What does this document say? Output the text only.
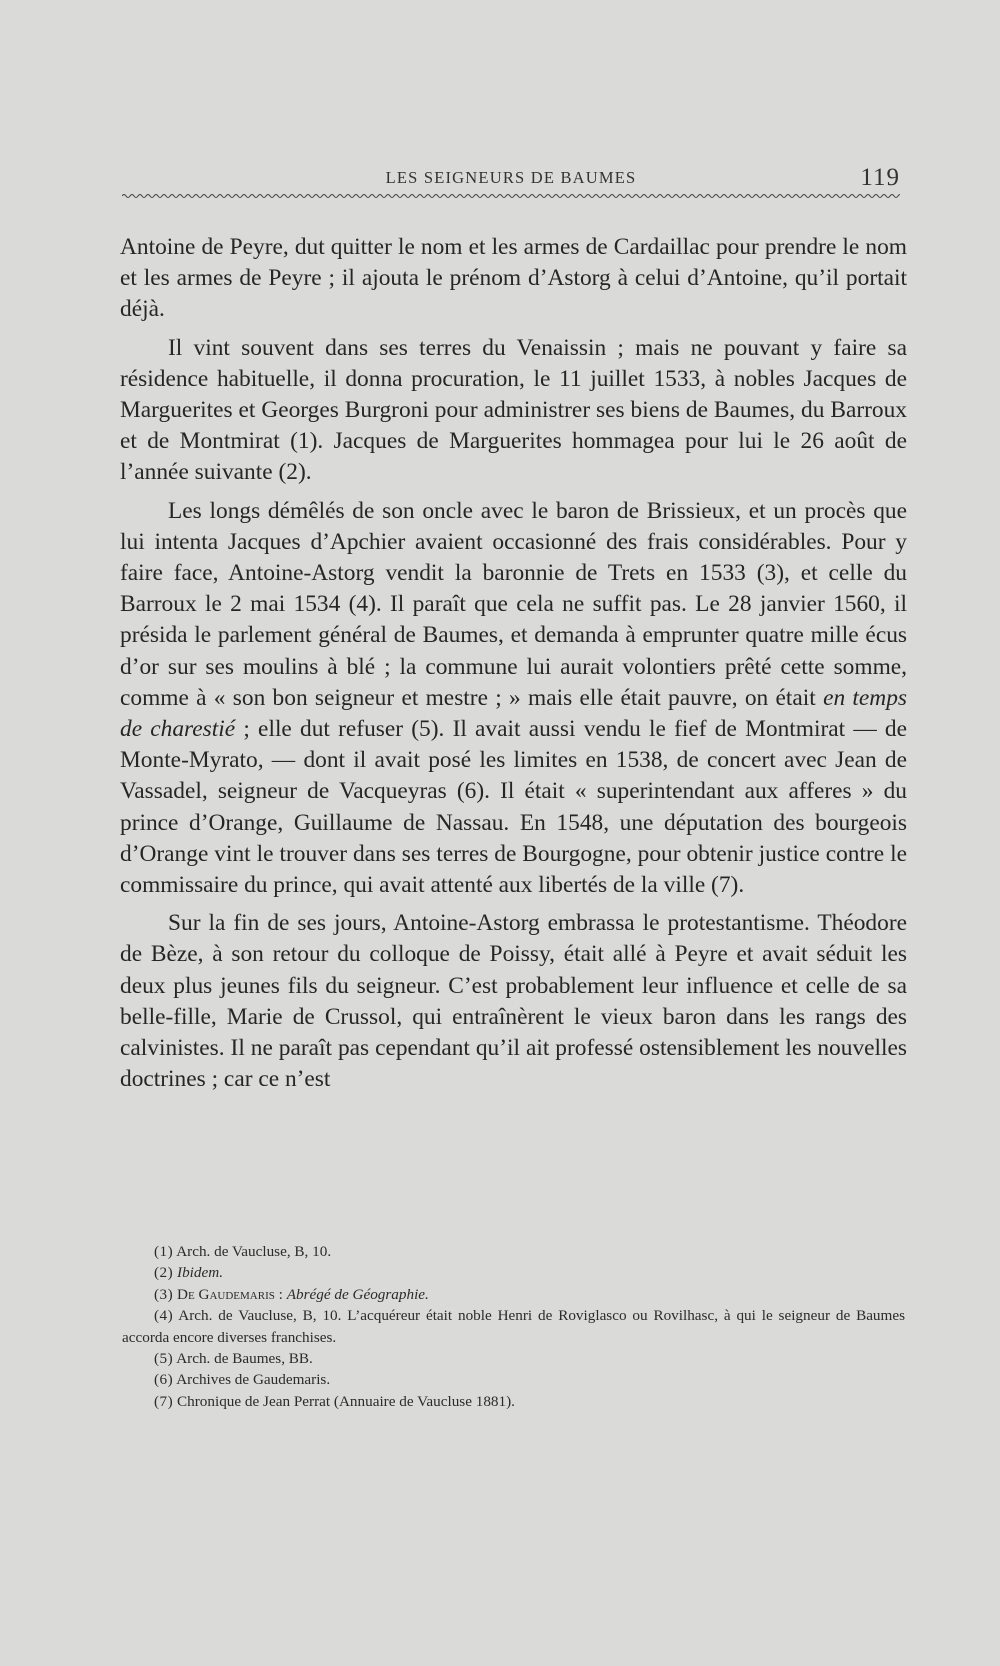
LES SEIGNEURS DE BAUMES	119

Antoine de Peyre, dut quitter le nom et les armes de Cardaillac pour prendre le nom et les armes de Peyre ; il ajouta le prénom d’Astorg à celui d’Antoine, qu’il portait déjà.

Il vint souvent dans ses terres du Venaissin ; mais ne pouvant y faire sa résidence habituelle, il donna procuration, le 11 juillet 1533, à nobles Jacques de Marguerites et Georges Burgroni pour administrer ses biens de Baumes, du Barroux et de Montmirat (1). Jacques de Marguerites hommagea pour lui le 26 août de l’année suivante (2).

Les longs démêlés de son oncle avec le baron de Brissieux, et un procès que lui intenta Jacques d’Apchier avaient occasionné des frais considérables. Pour y faire face, Antoine-Astorg vendit la baronnie de Trets en 1533 (3), et celle du Barroux le 2 mai 1534 (4). Il paraît que cela ne suffit pas. Le 28 janvier 1560, il présida le parlement général de Baumes, et demanda à emprunter quatre mille écus d’or sur ses moulins à blé ; la commune lui aurait volontiers prêté cette somme, comme à « son bon seigneur et mestre ; » mais elle était pauvre, on était en temps de charestié ; elle dut refuser (5). Il avait aussi vendu le fief de Montmirat — de Monte-Myrato, — dont il avait posé les limites en 1538, de concert avec Jean de Vassadel, seigneur de Vacqueyras (6). Il était « superintendant aux afferes » du prince d’Orange, Guillaume de Nassau. En 1548, une députation des bourgeois d’Orange vint le trouver dans ses terres de Bourgogne, pour obtenir justice contre le commissaire du prince, qui avait attenté aux libertés de la ville (7).

Sur la fin de ses jours, Antoine-Astorg embrassa le protestantisme. Théodore de Bèze, à son retour du colloque de Poissy, était allé à Peyre et avait séduit les deux plus jeunes fils du seigneur. C’est probablement leur influence et celle de sa belle-fille, Marie de Crussol, qui entraînèrent le vieux baron dans les rangs des calvinistes. Il ne paraît pas cependant qu’il ait professé ostensiblement les nouvelles doctrines ; car ce n’est

(1) Arch. de Vaucluse, B, 10.

(2) Ibidem.

(3) De Gaudemaris : Abrégé de Géographie.

(4) Arch. de Vaucluse, B, 10. L’acquéreur était noble Henri de Roviglasco ou Rovilhasc, à qui le seigneur de Baumes accorda encore diverses franchises.

(5) Arch. de Baumes, BB.

(6) Archives de Gaudemaris.

(7) Chronique de Jean Perrat (Annuaire de Vaucluse 1881).
